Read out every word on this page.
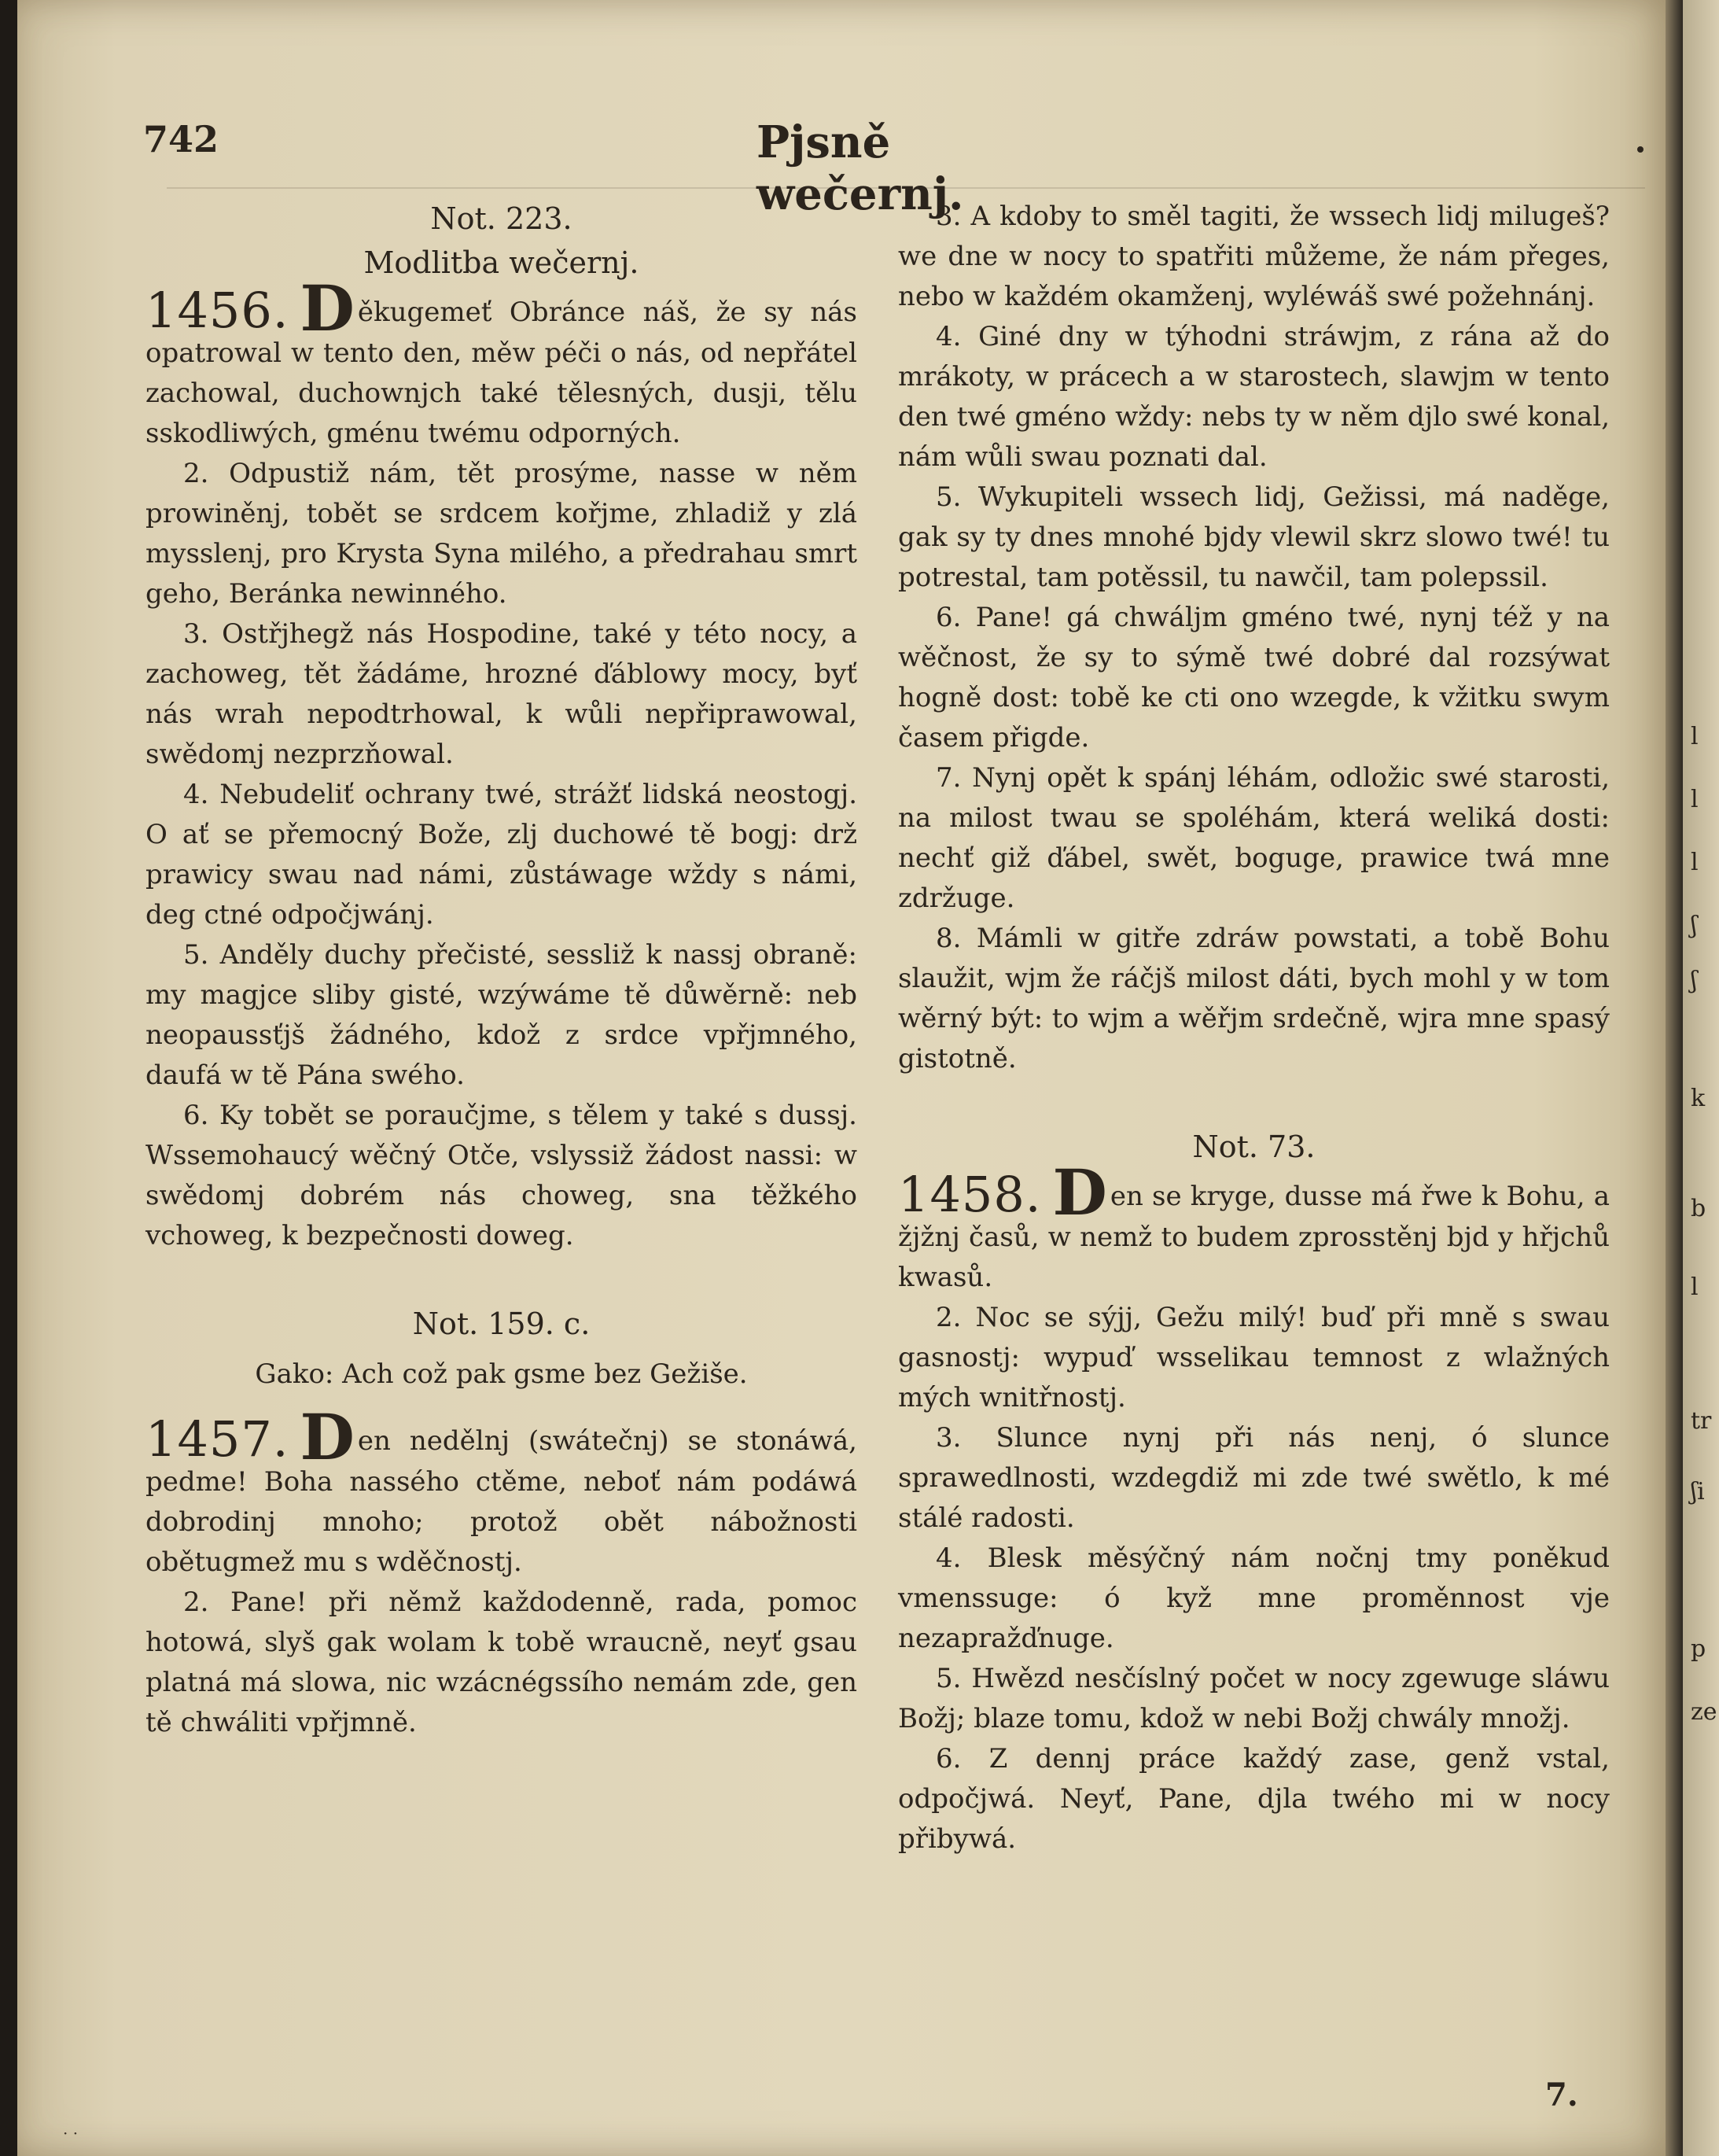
742	Pjsně wečernj.

Not. 223.

Modlitba wečernj.

1456. D ěkugemeť Obránce náš, že sy nás opatrowal w tento den, měw péči o nás, od nepřátel zachowal, duchownjch také tělesných, dusji, tělu sskodliwých, gménu twému odporných.

2. Odpustiž nám, tět prosýme, nasse w něm prowiněnj, tobět se srdcem kořjme, zhladiž y zlá mysslenj, pro Krysta Syna milého, a předrahau smrt geho, Beránka newinného.

3. Ostřjhegž nás Hospodine, také y této nocy, a zachoweg, tět žádáme, hrozné ďáblowy mocy, byť nás wrah nepodtrhowal, k wůli nepřiprawowal, swědomj nezprzňowal.

4. Nebudeliť ochrany twé, strážť lidská neostogj. O ať se přemocný Bože, zlj duchowé tě bogj: drž prawicy swau nad námi, zůstáwage wždy s námi, deg ctné odpočjwánj.

5. Anděly duchy přečisté, sessliž k nassj obraně: my magjce sliby gisté, wzýwáme tě důwěrně: neb neopaussťjš žádného, kdož z srdce vpřjmného, daufá w tě Pána swého.

6. Ky tobět se poraučjme, s tělem y také s dussj. Wssemohaucý wěčný Otče, vslyssiž žádost nassi: w swědomj dobrém nás choweg, sna těžkého vchoweg, k bezpečnosti doweg.

Not. 159. c.

Gako: Ach což pak gsme bez Gežiše.

1457. D en nedělnj (swátečnj) se stonáwá, pedme! Boha nassého ctěme, neboť nám podáwá dobrodinj mnoho; protož obět nábožnosti obětugmež mu s wděčnostj.

2. Pane! při němž každodenně, rada, pomoc hotowá, slyš gak wolam k tobě wraucně, neyť gsau platná má slowa, nic wzácnégssího nemám zde, gen tě chwáliti vpřjmně.

3. A kdoby to směl tagiti, že wssech lidj milugeš? we dne w nocy to spatřiti můžeme, že nám přeges, nebo w každém okamženj, wyléwáš swé požehnánj.

4. Giné dny w týhodni stráwjm, z rána až do mrákoty, w prácech a w starostech, slawjm w tento den twé gméno wždy: nebs ty w něm djlo swé konal, nám wůli swau poznati dal.

5. Wykupiteli wssech lidj, Gežissi, má naděge, gak sy ty dnes mnohé bjdy vlewil skrz slowo twé! tu potrestal, tam potěssil, tu nawčil, tam polepssil.

6. Pane! gá chwáljm gméno twé, nynj též y na wěčnost, že sy to sýmě twé dobré dal rozsýwat hogně dost: tobě ke cti ono wzegde, k vžitku swym časem přigde.

7. Nynj opět k spánj léhám, odložic swé starosti, na milost twau se spoléhám, která weliká dosti: nechť giž ďábel, swět, boguge, prawice twá mne zdržuge.

8. Mámli w gitře zdráw powstati, a tobě Bohu slaužit, wjm že ráčjš milost dáti, bych mohl y w tom wěrný být: to wjm a wěřjm srdečně, wjra mne spasý gistotně.

Not. 73.

1458. D en se kryge, dusse má řwe k Bohu, a žjžnj časů, w nemž to budem zprosstěnj bjd y hřjchů kwasů.

2. Noc se sýjj, Gežu milý! buď při mně s swau gasnostj: wypuď wsselikau temnost z wlažných mých wnitřnostj.

3. Slunce nynj při nás nenj, ó slunce sprawedlnosti, wzdegdiž mi zde twé swětlo, k mé stálé radosti.

4. Blesk měsýčný nám nočnj tmy poněkud vmenssuge: ó kyž mne proměnnost vje nezapražďnuge.

5. Hwězd nesčíslný počet w nocy zgewuge sláwu Božj; blaze tomu, kdož w nebi Božj chwály množj.

6. Z dennj práce každý zase, genž vstal, odpočjwá. Neyť, Pane, djla twého mi w nocy přibywá.

7.
· ·
l
l
l
ʃ
ʃ
k
b
l
tr
ʃi
p
ze
